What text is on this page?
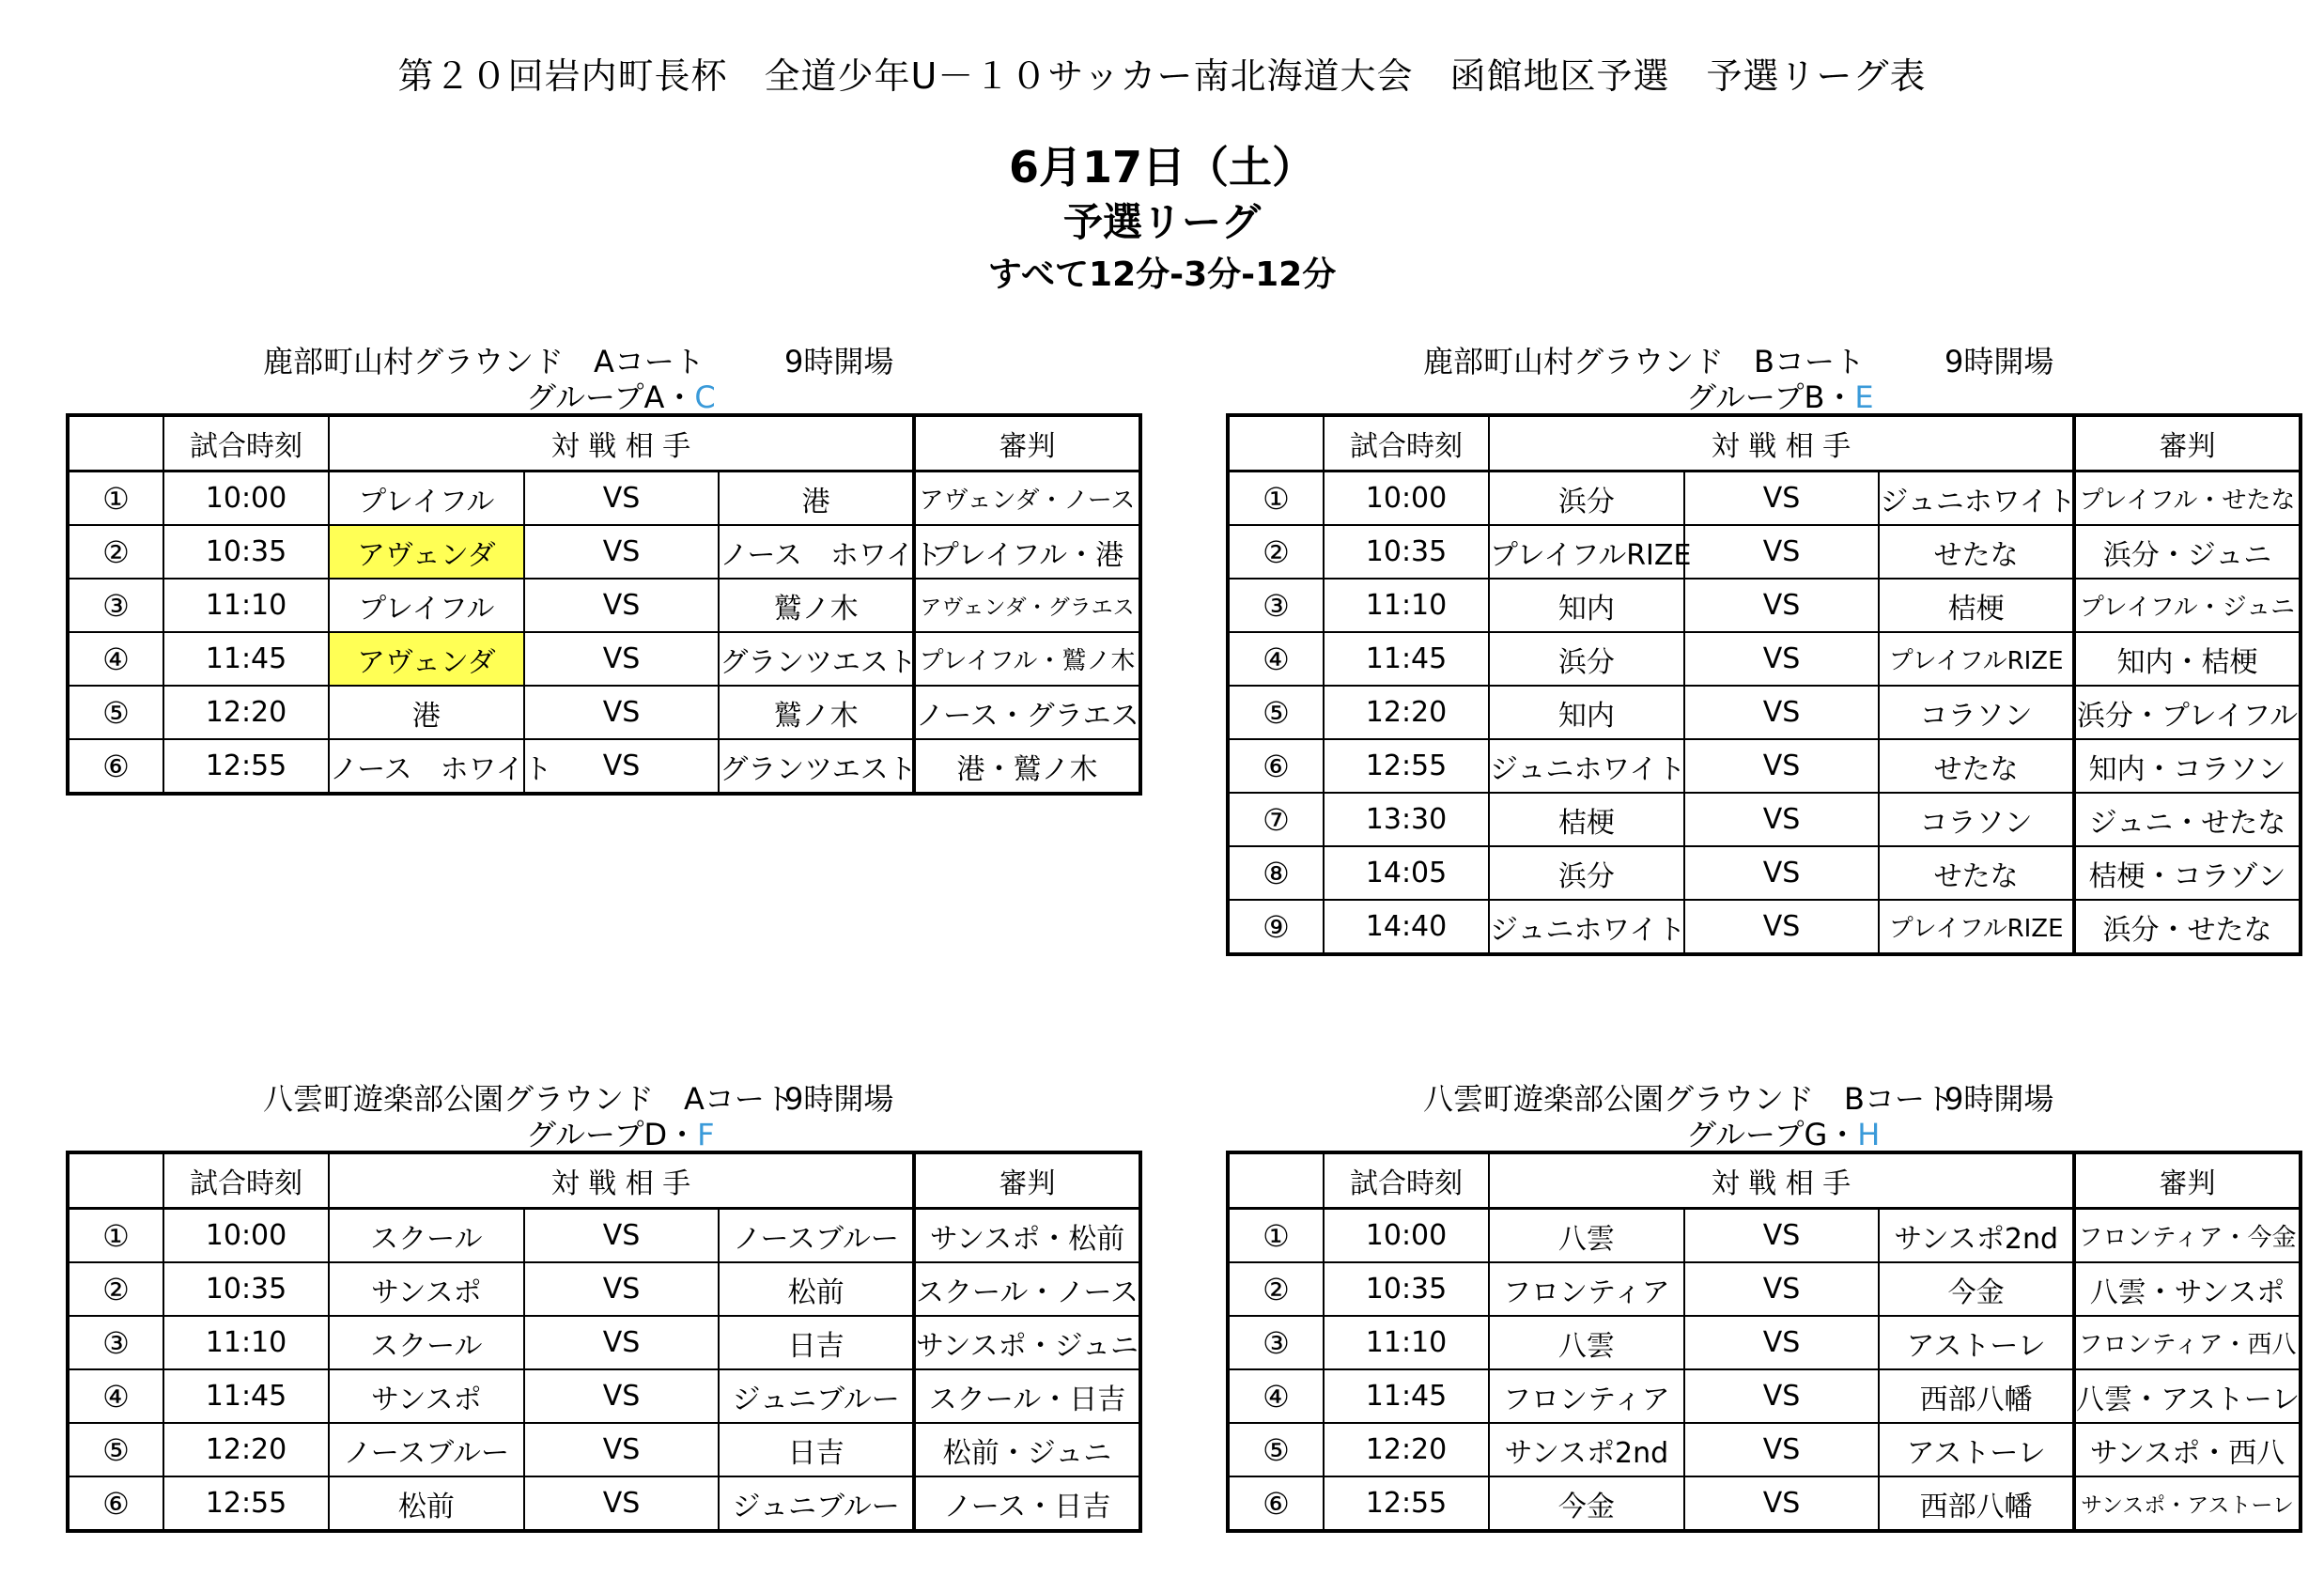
第２０回岩内町長杯　全道少年U－１０サッカー南北海道大会　函館地区予選　予選リーグ表
6月17日（土）
予選リーグ
すべて12分-3分-12分
鹿部町山村グラウンド　Aコート	9時開場
グループA・C
	試合時刻	対 戦 相 手			審判
①	10:00	プレイフル	VS	港	アヴェンダ・ノース
②	10:35	アヴェンダ	VS	ノース　ホワイト	プレイフル・港
③	11:10	プレイフル	VS	鷲ノ木	アヴェンダ・グラエス
④	11:45	アヴェンダ	VS	グランツエスト	プレイフル・鷲ノ木
⑤	12:20	港	VS	鷲ノ木	ノース・グラエス
⑥	12:55	ノース　ホワイト	VS	グランツエスト	港・鷲ノ木
鹿部町山村グラウンド　Bコート	9時開場
グループB・E
	試合時刻	対 戦 相 手			審判
①	10:00	浜分	VS	ジュニホワイト	プレイフル・せたな
②	10:35	プレイフルRIZE	VS	せたな	浜分・ジュニ
③	11:10	知内	VS	桔梗	プレイフル・ジュニ
④	11:45	浜分	VS	プレイフルRIZE	知内・桔梗
⑤	12:20	知内	VS	コラソン	浜分・プレイフル
⑥	12:55	ジュニホワイト	VS	せたな	知内・コラソン
⑦	13:30	桔梗	VS	コラソン	ジュニ・せたな
⑧	14:05	浜分	VS	せたな	桔梗・コラゾン
⑨	14:40	ジュニホワイト	VS	プレイフルRIZE	浜分・せたな
八雲町遊楽部公園グラウンド　Aコート
9時開場
グループD・F
	試合時刻	対 戦 相 手			審判
①	10:00	スクール	VS	ノースブルー	サンスポ・松前
②	10:35	サンスポ	VS	松前	スクール・ノース
③	11:10	スクール	VS	日吉	サンスポ・ジュニ
④	11:45	サンスポ	VS	ジュニブルー	スクール・日吉
⑤	12:20	ノースブルー	VS	日吉	松前・ジュニ
⑥	12:55	松前	VS	ジュニブルー	ノース・日吉
八雲町遊楽部公園グラウンド　Bコート
9時開場
グループG・H
	試合時刻	対 戦 相 手			審判
①	10:00	八雲	VS	サンスポ2nd	フロンティア・今金
②	10:35	フロンティア	VS	今金	八雲・サンスポ
③	11:10	八雲	VS	アストーレ	フロンティア・西八
④	11:45	フロンティア	VS	西部八幡	八雲・アストーレ
⑤	12:20	サンスポ2nd	VS	アストーレ	サンスポ・西八
⑥	12:55	今金	VS	西部八幡	サンスポ・アストーレ
